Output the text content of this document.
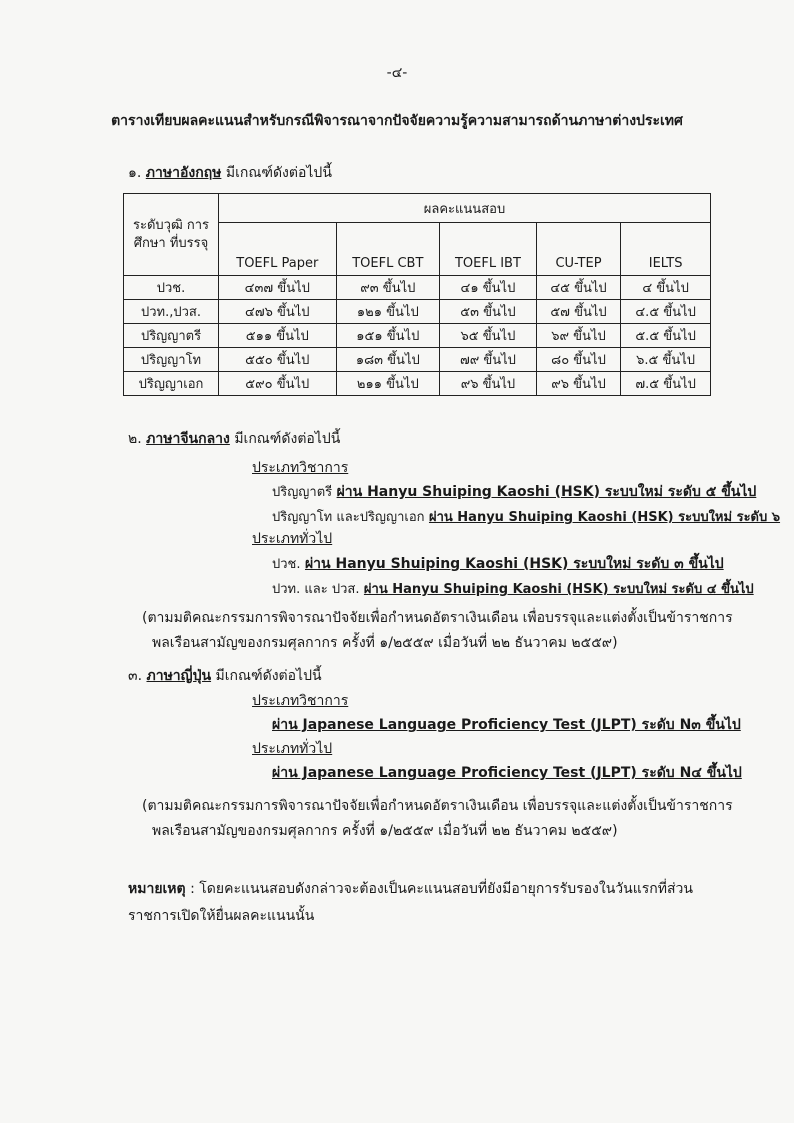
-๔-
ตารางเทียบผลคะแนนสำหรับกรณีพิจารณาจากปัจจัยความรู้ความสามารถด้านภาษาต่างประเทศ
๑. ภาษาอังกฤษ มีเกณฑ์ดังต่อไปนี้
ระดับวุฒิ การศึกษา ที่บรรจุ	ผลคะแนนสอบ				
	TOEFL Paper	TOEFL CBT	TOEFL IBT	CU-TEP	IELTS
ปวช.	๔๓๗ ขึ้นไป	๙๓ ขึ้นไป	๔๑ ขึ้นไป	๔๕ ขึ้นไป	๔ ขึ้นไป
ปวท.,ปวส.	๔๗๖ ขึ้นไป	๑๒๑ ขึ้นไป	๕๓ ขึ้นไป	๕๗ ขึ้นไป	๔.๕ ขึ้นไป
ปริญญาตรี	๕๑๑ ขึ้นไป	๑๕๑ ขึ้นไป	๖๕ ขึ้นไป	๖๙ ขึ้นไป	๕.๕ ขึ้นไป
ปริญญาโท	๕๕๐ ขึ้นไป	๑๘๓ ขึ้นไป	๗๙ ขึ้นไป	๘๐ ขึ้นไป	๖.๕ ขึ้นไป
ปริญญาเอก	๕๙๐ ขึ้นไป	๒๑๑ ขึ้นไป	๙๖ ขึ้นไป	๙๖ ขึ้นไป	๗.๕ ขึ้นไป
๒. ภาษาจีนกลาง มีเกณฑ์ดังต่อไปนี้
ประเภทวิชาการ
ปริญญาตรี ผ่าน Hanyu Shuiping Kaoshi (HSK) ระบบใหม่ ระดับ ๕ ขึ้นไป
ปริญญาโท และปริญญาเอก ผ่าน Hanyu Shuiping Kaoshi (HSK) ระบบใหม่ ระดับ ๖
ประเภททั่วไป
ปวช. ผ่าน Hanyu Shuiping Kaoshi (HSK) ระบบใหม่ ระดับ ๓ ขึ้นไป
ปวท. และ ปวส. ผ่าน Hanyu Shuiping Kaoshi (HSK) ระบบใหม่ ระดับ ๔ ขึ้นไป
(ตามมติคณะกรรมการพิจารณาปัจจัยเพื่อกำหนดอัตราเงินเดือน เพื่อบรรจุและแต่งตั้งเป็นข้าราชการ
พลเรือนสามัญของกรมศุลกากร ครั้งที่ ๑/๒๕๕๙ เมื่อวันที่ ๒๒ ธันวาคม ๒๕๕๙)
๓. ภาษาญี่ปุ่น มีเกณฑ์ดังต่อไปนี้
ประเภทวิชาการ
ผ่าน Japanese Language Proficiency Test (JLPT) ระดับ N๓ ขึ้นไป
ประเภททั่วไป
ผ่าน Japanese Language Proficiency Test (JLPT) ระดับ N๔ ขึ้นไป
(ตามมติคณะกรรมการพิจารณาปัจจัยเพื่อกำหนดอัตราเงินเดือน เพื่อบรรจุและแต่งตั้งเป็นข้าราชการ
พลเรือนสามัญของกรมศุลกากร ครั้งที่ ๑/๒๕๕๙ เมื่อวันที่ ๒๒ ธันวาคม ๒๕๕๙)
หมายเหตุ : โดยคะแนนสอบดังกล่าวจะต้องเป็นคะแนนสอบที่ยังมีอายุการรับรองในวันแรกที่ส่วนราชการเปิดให้ยื่นผลคะแนนนั้น
